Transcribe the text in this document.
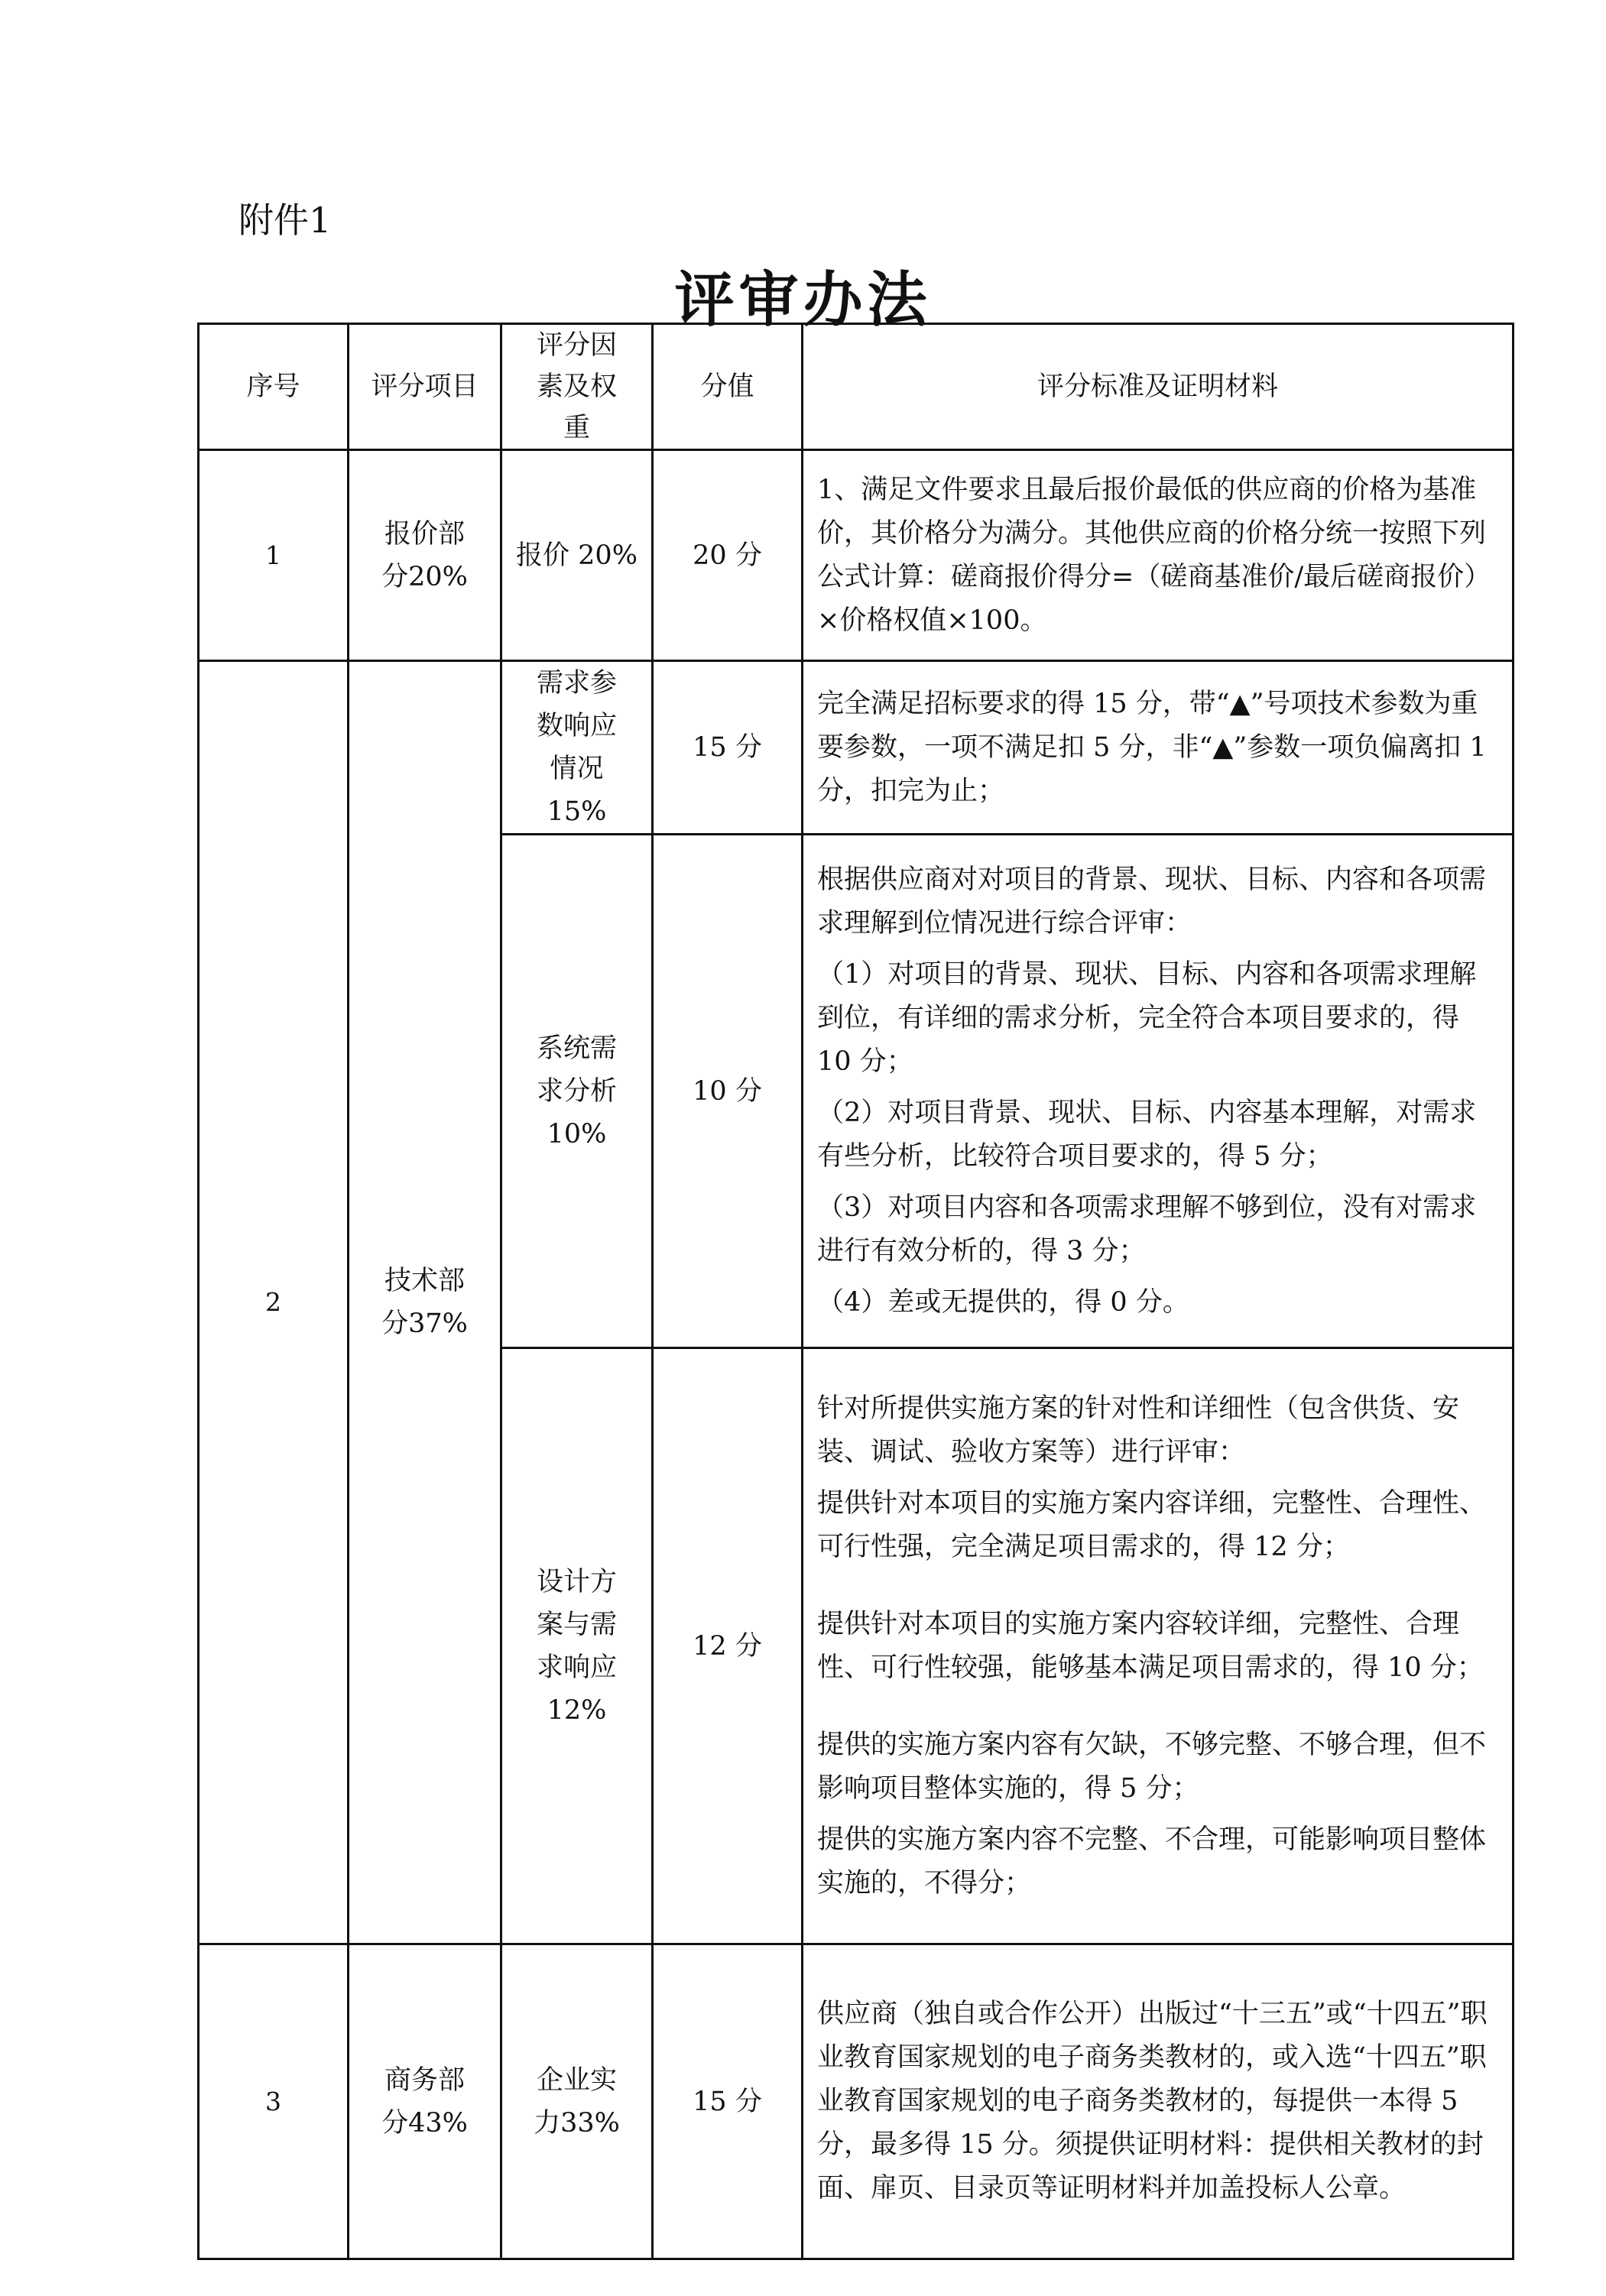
附件1
评审办法
序号	评分项目	评分因素及权重	分值	评分标准及证明材料
1	报价部分20%	报价 20%	20 分	1、满足文件要求且最后报价最低的供应商的价格为基准价，其价格分为满分。其他供应商的价格分统一按照下列公式计算：磋商报价得分=（磋商基准价/最后磋商报价）×价格权值×100。

2	技术部分37%	需求参数响应情况15%	15 分	完全满足招标要求的得 15 分，带“▲”号项技术参数为重要参数，一项不满足扣 5 分，非“▲”参数一项负偏离扣 1 分，扣完为止；

		系统需求分析 10%	10 分	根据供应商对对项目的背景、现状、目标、内容和各项需求理解到位情况进行综合评审：

（1）对项目的背景、现状、目标、内容和各项需求理解到位，有详细的需求分析，完全符合本项目要求的，得 10 分；

（2）对项目背景、现状、目标、内容基本理解，对需求有些分析，比较符合项目要求的，得 5 分；

（3）对项目内容和各项需求理解不够到位，没有对需求进行有效分析的，得 3 分；

（4）差或无提供的，得 0 分。

		设计方案与需求响应 12%	12 分	针对所提供实施方案的针对性和详细性（包含供货、安装、调试、验收方案等）进行评审：

提供针对本项目的实施方案内容详细，完整性、合理性、可行性强，完全满足项目需求的，得 12 分；

提供针对本项目的实施方案内容较详细，完整性、合理性、可行性较强，能够基本满足项目需求的，得 10 分；

提供的实施方案内容有欠缺，不够完整、不够合理，但不影响项目整体实施的，得 5 分；

提供的实施方案内容不完整、不合理，可能影响项目整体实施的，不得分；

3	商务部分43%	企业实力33%	15 分	供应商（独自或合作公开）出版过“十三五”或“十四五”职业教育国家规划的电子商务类教材的，或入选“十四五”职业教育国家规划的电子商务类教材的，每提供一本得 5 分，最多得 15 分。须提供证明材料：提供相关教材的封面、扉页、目录页等证明材料并加盖投标人公章。
